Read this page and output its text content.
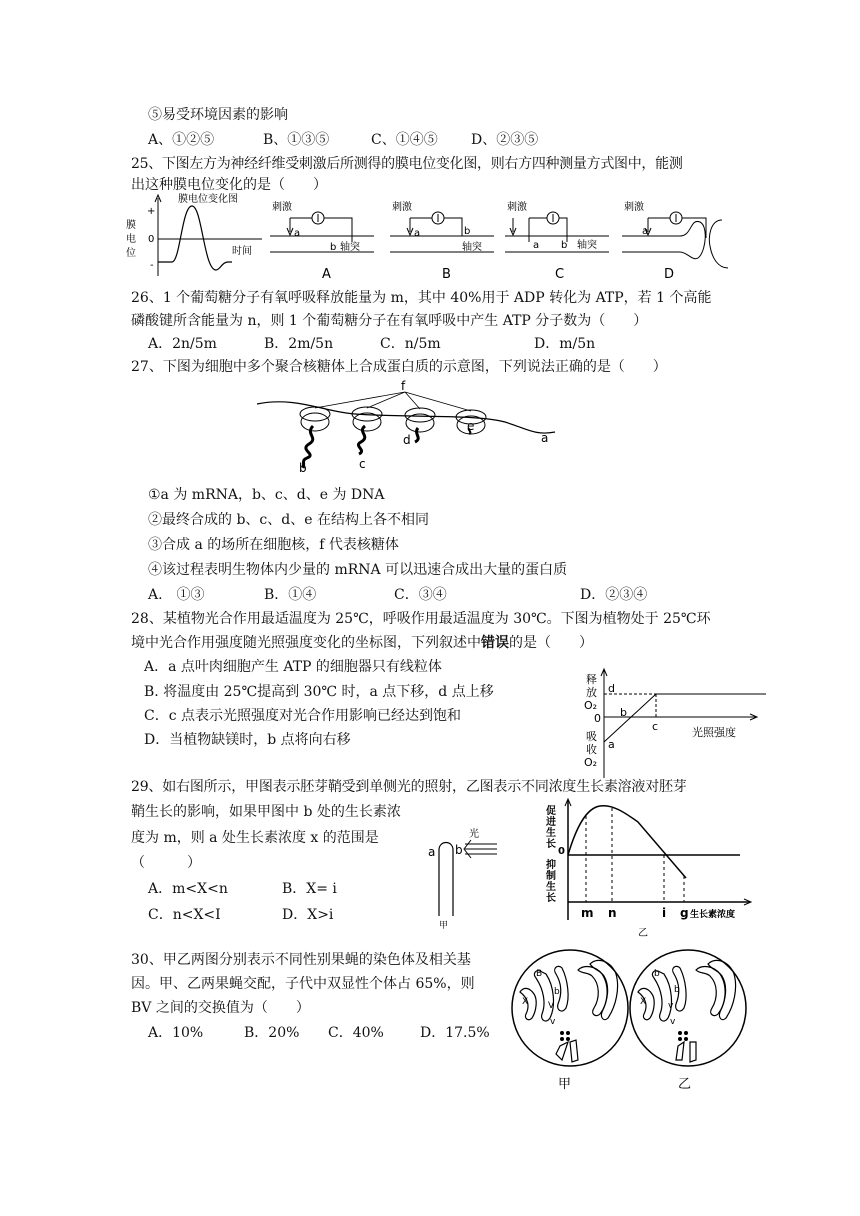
⑤易受环境因素的影响
A、①②⑤	B、①③⑤	C、①④⑤ D、②③⑤
25、下图左方为神经纤维受刺激后所测得的膜电位变化图，则右方四种测量方式图中，能测
出这种膜电位变化的是（　　）
膜
电
位
+
0
-
膜电位变化图
时间
刺激
a
b 轴突
A
刺激
a	b
轴突
B
刺激
a b 轴突
C
刺激
a
D
26、1 个葡萄糖分子有氧呼吸释放能量为 m，其中 40%用于 ADP 转化为 ATP，若 1 个高能
磷酸键所含能量为 n，则 1 个葡萄糖分子在有氧呼吸中产生 ATP 分子数为（　　）
A．2n/5m	B．2m/5n	C．n/5m	D．m/5n
27、下图为细胞中多个聚合核糖体上合成蛋白质的示意图，下列说法正确的是（　　）
f
b	c
d
e
a
①a 为 mRNA，b、c、d、e 为 DNA
②最终合成的 b、c、d、e 在结构上各不相同
③合成 a 的场所在细胞核，f 代表核糖体
④该过程表明生物体内少量的 mRNA 可以迅速合成出大量的蛋白质
A.　①③	B．①④	C．③④	D．②③④
28、某植物光合作用最适温度为 25℃，呼吸作用最适温度为 30℃。下图为植物处于 25℃环
境中光合作用强度随光照强度变化的坐标图，下列叙述中错误的是（　　）
A．a 点叶肉细胞产生 ATP 的细胞器只有线粒体
B. 将温度由 25℃提高到 30℃ 时，a 点下移，d 点上移
C．c 点表示光照强度对光合作用影响已经达到饱和
D．当植物缺镁时，b 点将向右移
释
放
O₂
0
吸
收
O₂
d
b
c
a
光照强度
29、如右图所示，甲图表示胚芽鞘受到单侧光的照射，乙图表示不同浓度生长素溶液对胚芽
鞘生长的影响，如果甲图中 b 处的生长素浓
度为 m，则 a 处生长素浓度 x 的范围是
（　　　）
A．m<X<n	B．X= i
C．n<X<I	D．X>i
a b
光
甲
促
进
生
长
0
抑
制
生
长
m n	i g 生长素浓度
乙
30、甲乙两图分别表示不同性别果蝇的染色体及相关基
因。甲、乙两果蝇交配，子代中双显性个体占 65%，则
BV 之间的交换值为（　　）
A．10%	B．20% C．40%	D．17.5%
B
b
X V
v
甲
b
b
X v
v
乙
